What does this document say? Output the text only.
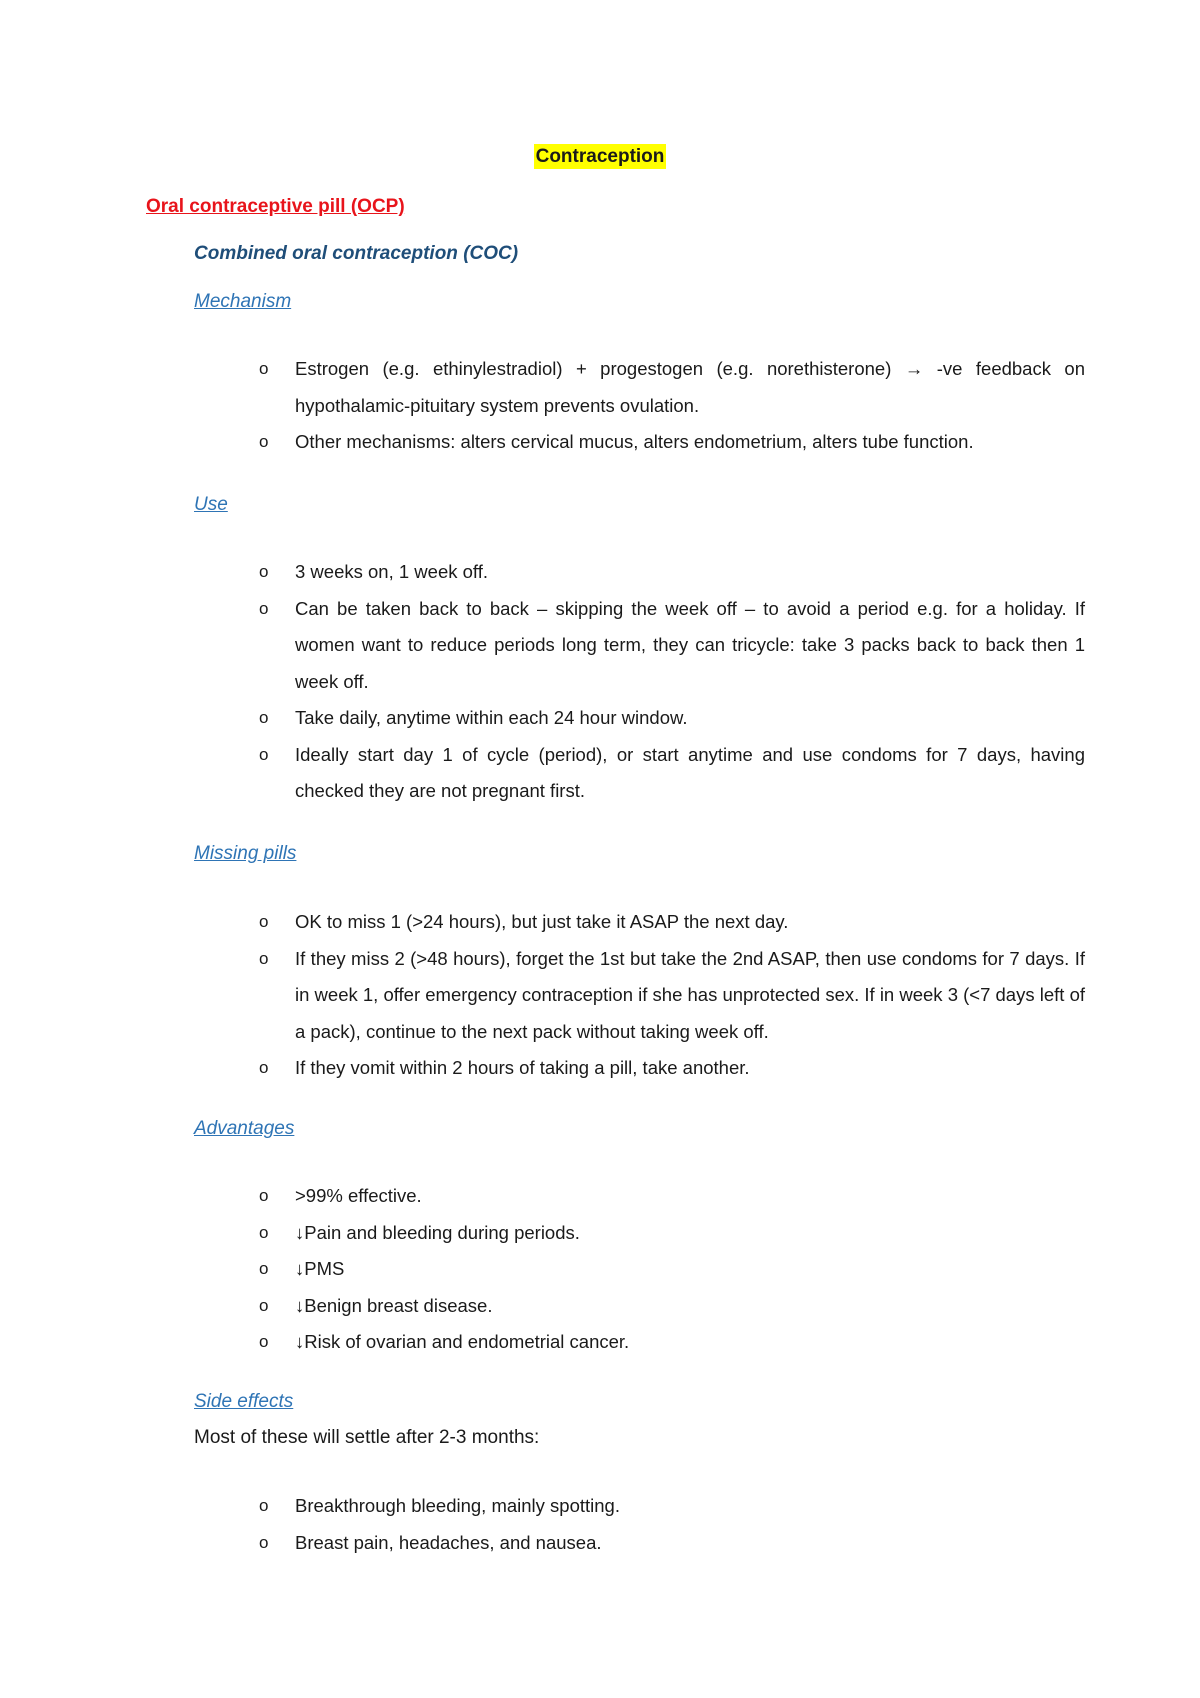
Contraception
Oral contraceptive pill (OCP)
Combined oral contraception (COC)
Mechanism
o Estrogen (e.g. ethinylestradiol) + progestogen (e.g. norethisterone) → -ve feedback on hypothalamic-pituitary system prevents ovulation.
o Other mechanisms: alters cervical mucus, alters endometrium, alters tube function.
Use
o 3 weeks on, 1 week off.
o Can be taken back to back – skipping the week off – to avoid a period e.g. for a holiday. If women want to reduce periods long term, they can tricycle: take 3 packs back to back then 1 week off.
o Take daily, anytime within each 24 hour window.
o Ideally start day 1 of cycle (period), or start anytime and use condoms for 7 days, having checked they are not pregnant first.
Missing pills
o OK to miss 1 (>24 hours), but just take it ASAP the next day.
o If they miss 2 (>48 hours), forget the 1st but take the 2nd ASAP, then use condoms for 7 days. If in week 1, offer emergency contraception if she has unprotected sex. If in week 3 (<7 days left of a pack), continue to the next pack without taking week off.
o If they vomit within 2 hours of taking a pill, take another.
Advantages
o >99% effective.
o ↓Pain and bleeding during periods.
o ↓PMS
o ↓Benign breast disease.
o ↓Risk of ovarian and endometrial cancer.
Side effects
Most of these will settle after 2-3 months:
o Breakthrough bleeding, mainly spotting.
o Breast pain, headaches, and nausea.
